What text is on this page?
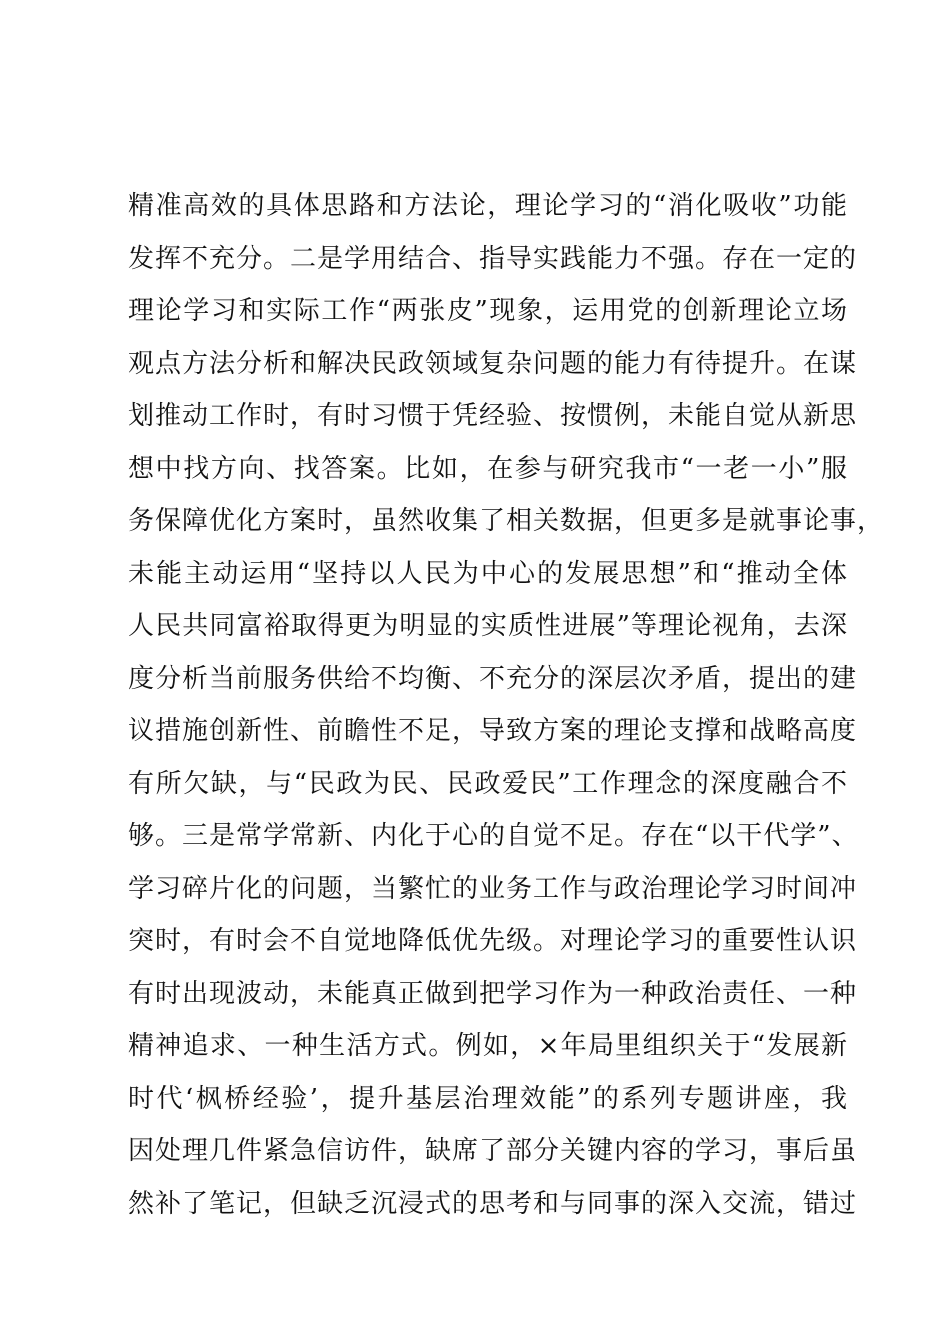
精准高效的具体思路和方法论，理论学习的“消化吸收”功能
发挥不充分。二是学用结合、指导实践能力不强。存在一定的
理论学习和实际工作“两张皮”现象，运用党的创新理论立场
观点方法分析和解决民政领域复杂问题的能力有待提升。在谋
划推动工作时，有时习惯于凭经验、按惯例，未能自觉从新思
想中找方向、找答案。比如，在参与研究我市“一老一小”服
务保障优化方案时，虽然收集了相关数据，但更多是就事论事，
未能主动运用“坚持以人民为中心的发展思想”和“推动全体
人民共同富裕取得更为明显的实质性进展”等理论视角，去深
度分析当前服务供给不均衡、不充分的深层次矛盾，提出的建
议措施创新性、前瞻性不足，导致方案的理论支撑和战略高度
有所欠缺，与“民政为民、民政爱民”工作理念的深度融合不
够。三是常学常新、内化于心的自觉不足。存在“以干代学”、
学习碎片化的问题，当繁忙的业务工作与政治理论学习时间冲
突时，有时会不自觉地降低优先级。对理论学习的重要性认识
有时出现波动，未能真正做到把学习作为一种政治责任、一种
精神追求、一种生活方式。例如，×年局里组织关于“发展新
时代‘枫桥经验’，提升基层治理效能”的系列专题讲座，我
因处理几件紧急信访件，缺席了部分关键内容的学习，事后虽
然补了笔记，但缺乏沉浸式的思考和与同事的深入交流，错过
